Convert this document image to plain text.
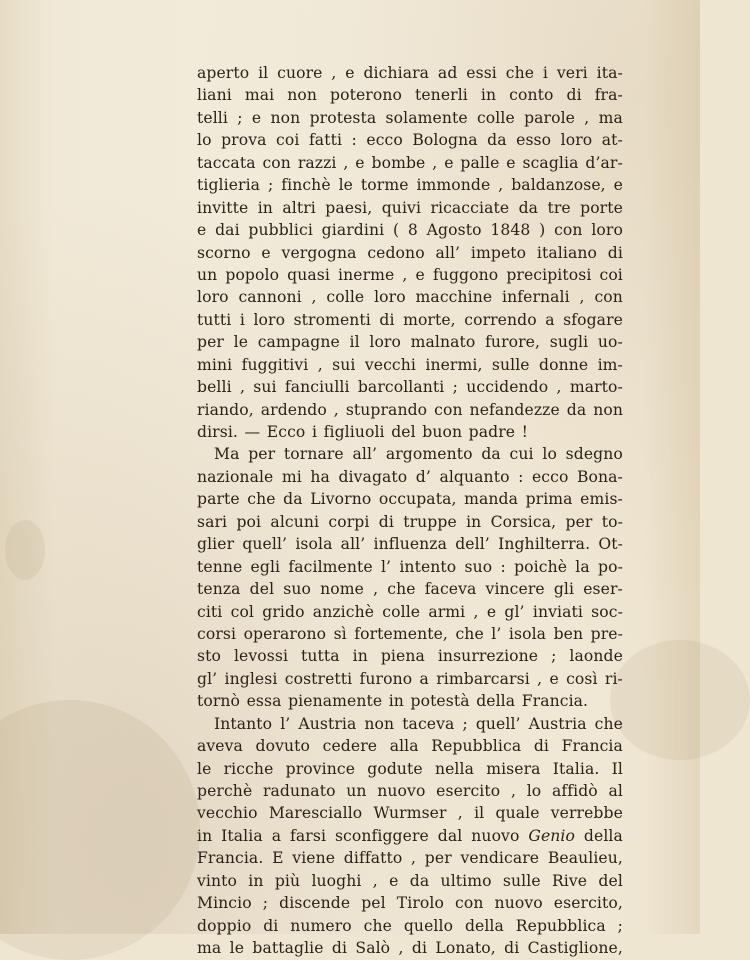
aperto il cuore , e dichiara ad essi che i veri ita-
liani mai non poterono tenerli in conto di fra-
telli ; e non protesta solamente colle parole , ma
lo prova coi fatti : ecco Bologna da esso loro at-
taccata con razzi , e bombe , e palle e scaglia d’ar-
tiglieria ; finchè le torme immonde , baldanzose, e
invitte in altri paesi, quivi ricacciate da tre porte
e dai pubblici giardini ( 8 Agosto 1848 ) con loro
scorno e vergogna cedono all’ impeto italiano di
un popolo quasi inerme , e fuggono precipitosi coi
loro cannoni , colle loro macchine infernali , con
tutti i loro stromenti di morte, correndo a sfogare
per le campagne il loro malnato furore, sugli uo-
mini fuggitivi , sui vecchi inermi, sulle donne im-
belli , sui fanciulli barcollanti ; uccidendo , marto-
riando, ardendo , stuprando con nefandezze da non
dirsi. — Ecco i figliuoli del buon padre !
Ma per tornare all’ argomento da cui lo sdegno
nazionale mi ha divagato d’ alquanto : ecco Bona-
parte che da Livorno occupata, manda prima emis-
sari poi alcuni corpi di truppe in Corsica, per to-
glier quell’ isola all’ influenza dell’ Inghilterra. Ot-
tenne egli facilmente l’ intento suo : poichè la po-
tenza del suo nome , che faceva vincere gli eser-
citi col grido anzichè colle armi , e gl’ inviati soc-
corsi operarono sì fortemente, che l’ isola ben pre-
sto levossi tutta in piena insurrezione ; laonde
gl’ inglesi costretti furono a rimbarcarsi , e così ri-
tornò essa pienamente in potestà della Francia.
Intanto l’ Austria non taceva ; quell’ Austria che
aveva dovuto cedere alla Repubblica di Francia
le ricche province godute nella misera Italia. Il
perchè radunato un nuovo esercito , lo affidò al
vecchio Maresciallo Wurmser , il quale verrebbe
in Italia a farsi sconfiggere dal nuovo Genio della
Francia. E viene diffatto , per vendicare Beaulieu,
vinto in più luoghi , e da ultimo sulle Rive del
Mincio ; discende pel Tirolo con nuovo esercito,
doppio di numero che quello della Repubblica ;
ma le battaglie di Salò , di Lonato, di Castiglione,
